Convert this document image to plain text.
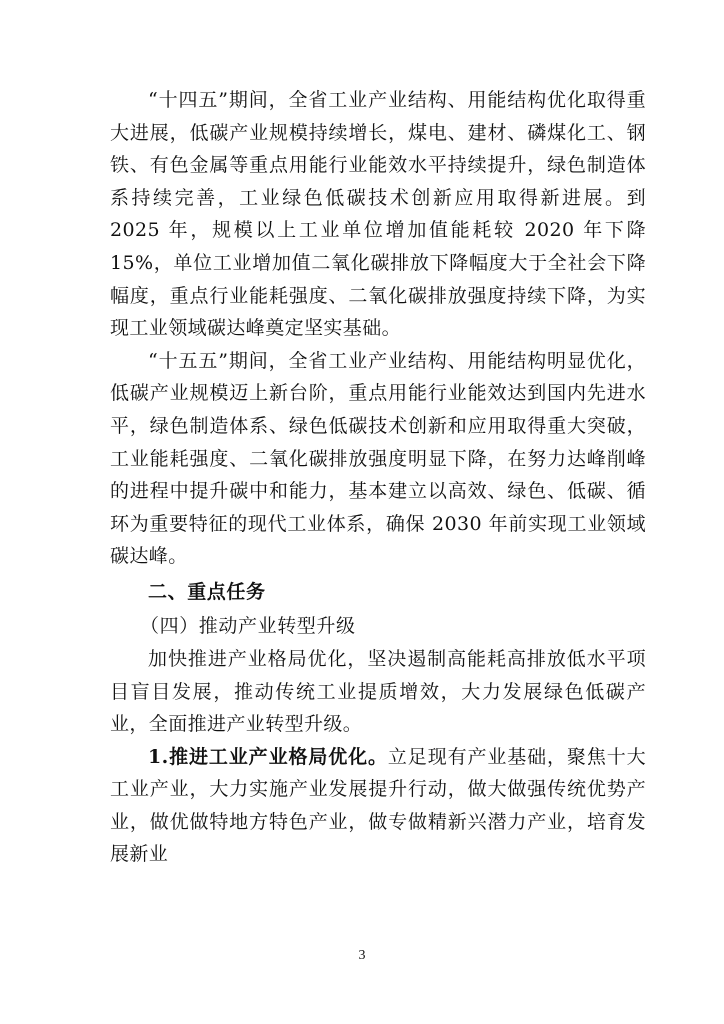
“十四五”期间，全省工业产业结构、用能结构优化取得重大进展，低碳产业规模持续增长，煤电、建材、磷煤化工、钢铁、有色金属等重点用能行业能效水平持续提升，绿色制造体系持续完善，工业绿色低碳技术创新应用取得新进展。到 2025 年，规模以上工业单位增加值能耗较 2020 年下降 15%，单位工业增加值二氧化碳排放下降幅度大于全社会下降幅度，重点行业能耗强度、二氧化碳排放强度持续下降，为实现工业领域碳达峰奠定坚实基础。

“十五五”期间，全省工业产业结构、用能结构明显优化，低碳产业规模迈上新台阶，重点用能行业能效达到国内先进水平，绿色制造体系、绿色低碳技术创新和应用取得重大突破，工业能耗强度、二氧化碳排放强度明显下降，在努力达峰削峰的进程中提升碳中和能力，基本建立以高效、绿色、低碳、循环为重要特征的现代工业体系，确保 2030 年前实现工业领域碳达峰。

二、重点任务

（四）推动产业转型升级

加快推进产业格局优化，坚决遏制高能耗高排放低水平项目盲目发展，推动传统工业提质增效，大力发展绿色低碳产业，全面推进产业转型升级。

1.推进工业产业格局优化。立足现有产业基础，聚焦十大工业产业，大力实施产业发展提升行动，做大做强传统优势产业，做优做特地方特色产业，做专做精新兴潜力产业，培育发展新业

3
